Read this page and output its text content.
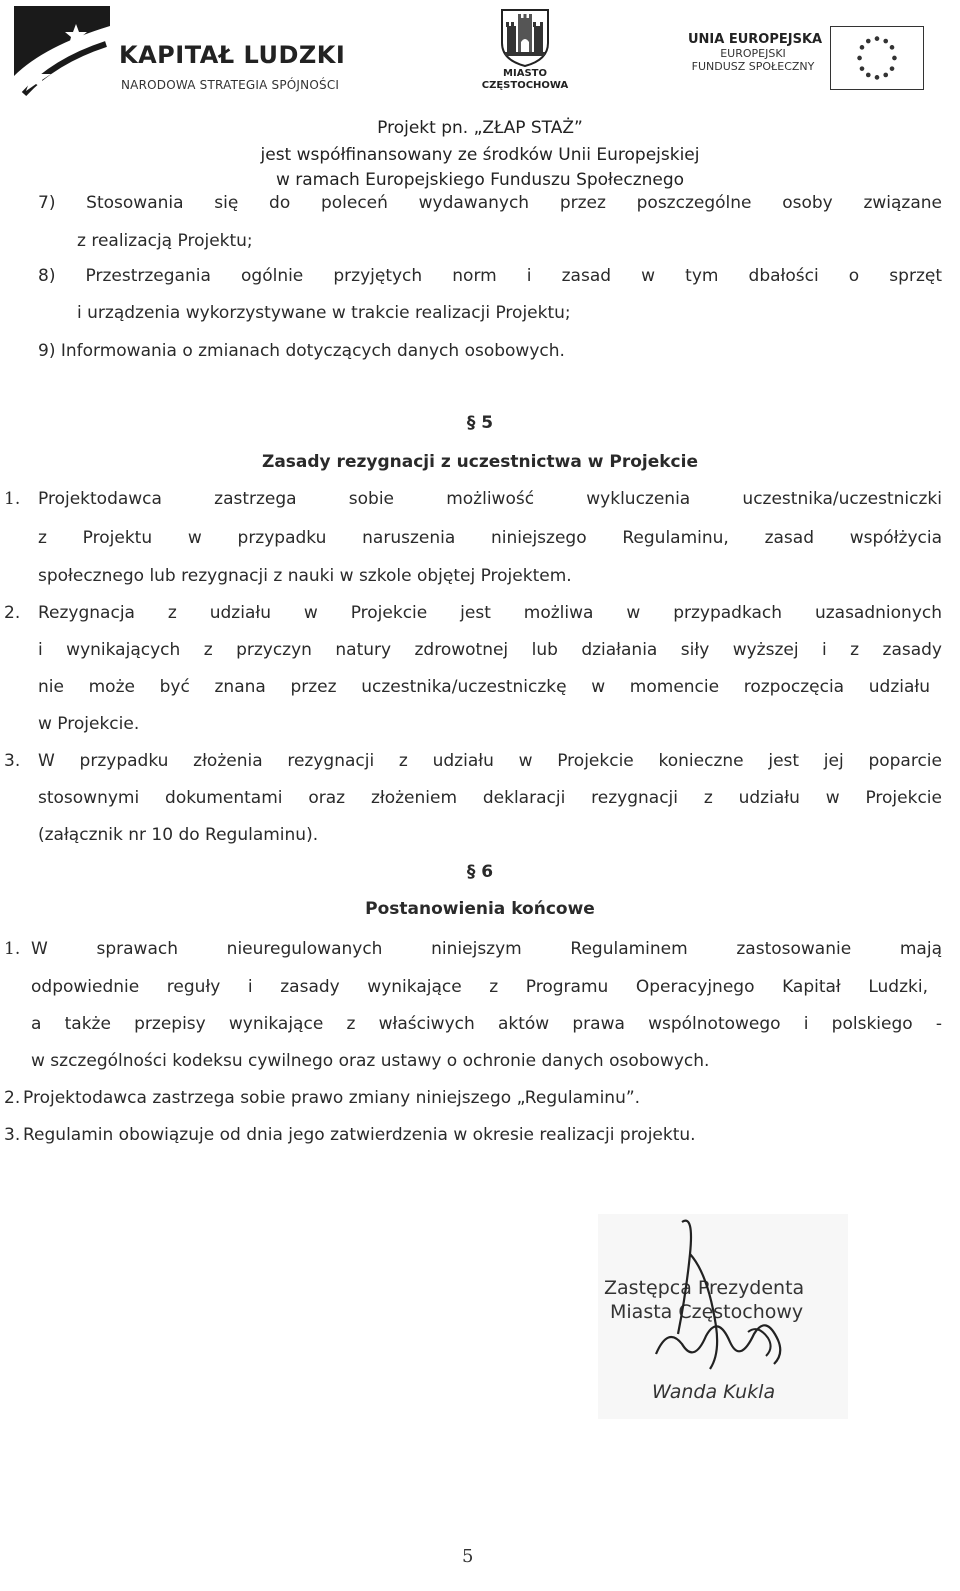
KAPITAŁ LUDZKI
NARODOWA STRATEGIA SPÓJNOŚCI
MIASTO
CZĘSTOCHOWA
UNIA EUROPEJSKA
EUROPEJSKI
FUNDUSZ SPOŁECZNY
Projekt pn. „ZŁAP STAŻ”
jest współfinansowany ze środków Unii Europejskiej
w ramach Europejskiego Funduszu Społecznego
7) Stosowania się do poleceń wydawanych przez poszczególne osoby związane
z realizacją Projektu;
8) Przestrzegania ogólnie przyjętych norm i zasad w tym dbałości o sprzęt
i urządzenia wykorzystywane w trakcie realizacji Projektu;
9) Informowania o zmianach dotyczących danych osobowych.
§ 5
Zasady rezygnacji z uczestnictwa w Projekcie
1. Projektodawca zastrzega sobie możliwość wykluczenia uczestnika/uczestniczki
z Projektu w przypadku naruszenia niniejszego Regulaminu, zasad współżycia
społecznego lub rezygnacji z nauki w szkole objętej Projektem.
2. Rezygnacja z udziału w Projekcie jest możliwa w przypadkach uzasadnionych
i wynikających z przyczyn natury zdrowotnej lub działania siły wyższej i z zasady
nie może być znana przez uczestnika/uczestniczkę w momencie rozpoczęcia udziału
w Projekcie.
3. W przypadku złożenia rezygnacji z udziału w Projekcie konieczne jest jej poparcie
stosownymi dokumentami oraz złożeniem deklaracji rezygnacji z udziału w Projekcie
(załącznik nr 10 do Regulaminu).
§ 6
Postanowienia końcowe
1. W sprawach nieuregulowanych niniejszym Regulaminem zastosowanie mają
odpowiednie reguły i zasady wynikające z Programu Operacyjnego Kapitał Ludzki,
a także przepisy wynikające z właściwych aktów prawa wspólnotowego i polskiego -
w szczególności kodeksu cywilnego oraz ustawy o ochronie danych osobowych.
2. Projektodawca zastrzega sobie prawo zmiany niniejszego „Regulaminu”.
3. Regulamin obowiązuje od dnia jego zatwierdzenia w okresie realizacji projektu.
Zastępca Prezydenta
Miasta Częstochowy
Wanda Kukla
5
